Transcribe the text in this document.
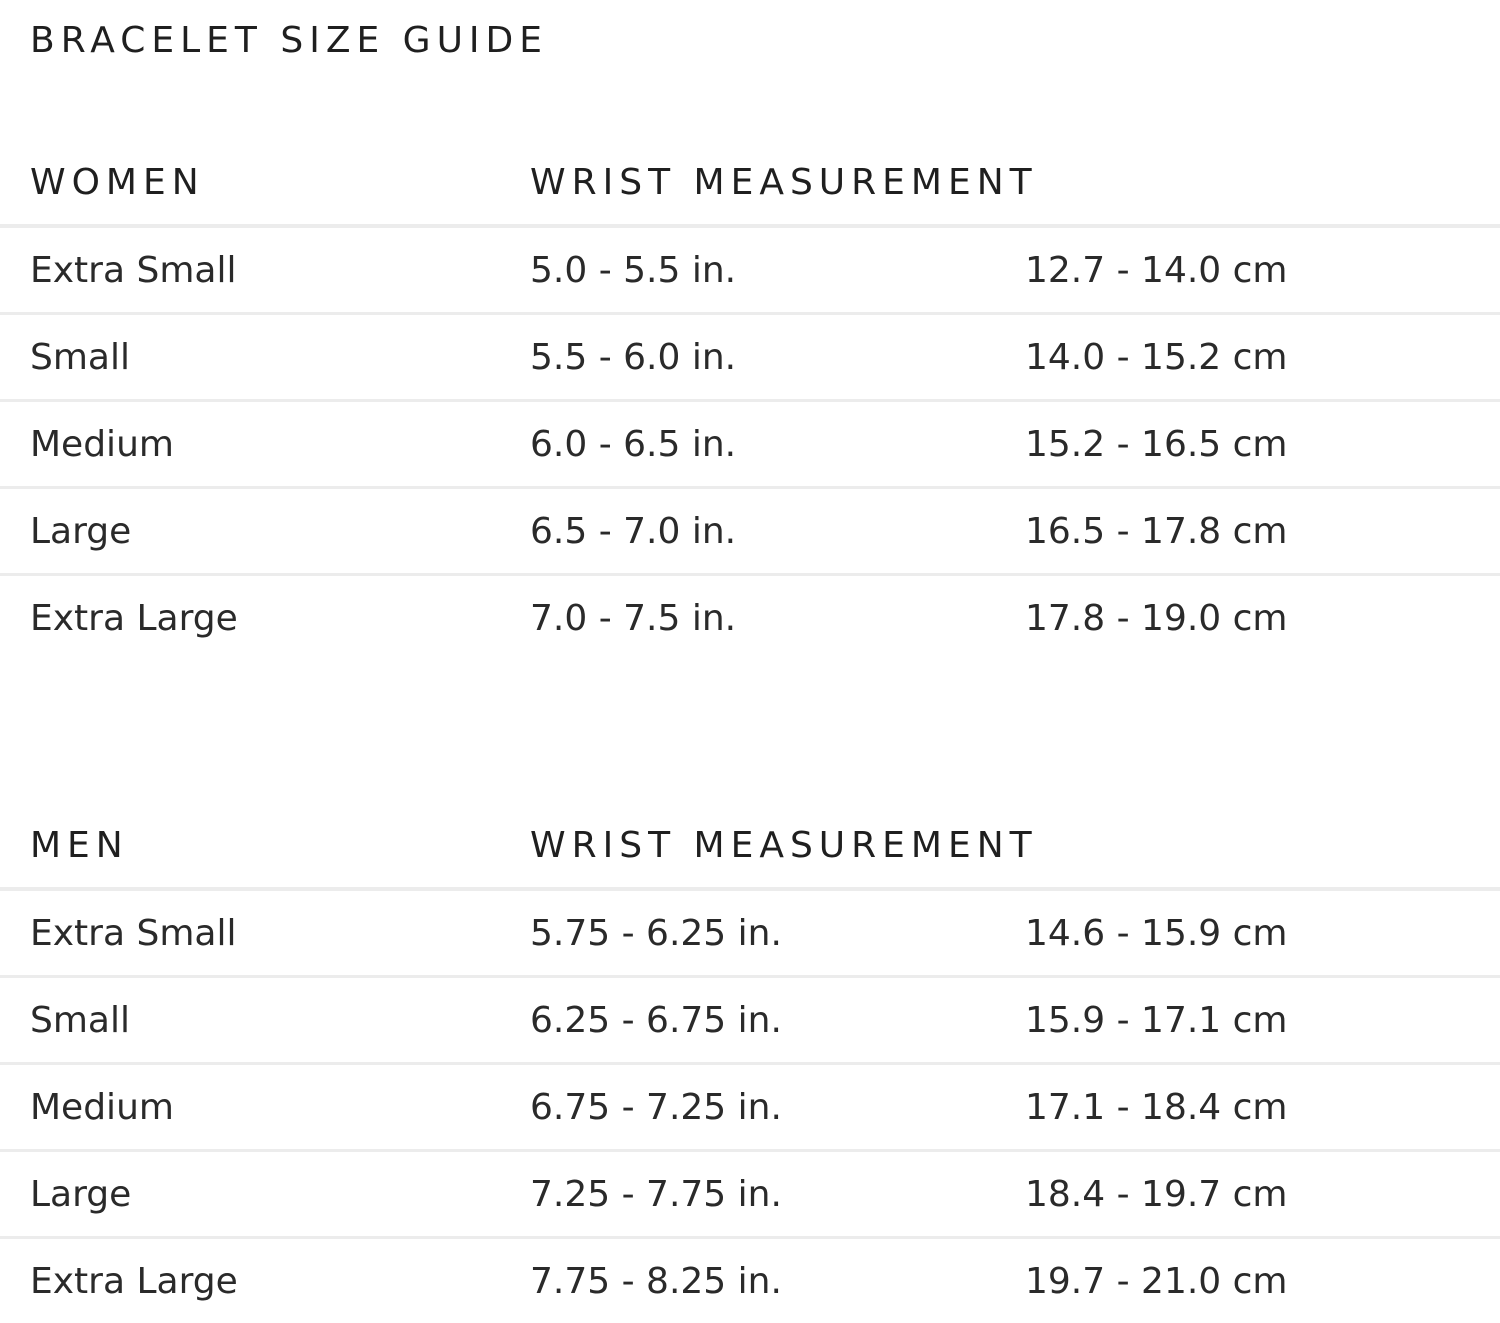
BRACELET SIZE GUIDE
WOMEN	WRIST MEASUREMENT
Extra Small	5.0 - 5.5 in.	12.7 - 14.0 cm
Small	5.5 - 6.0 in.	14.0 - 15.2 cm
Medium	6.0 - 6.5 in.	15.2 - 16.5 cm
Large	6.5 - 7.0 in.	16.5 - 17.8 cm
Extra Large	7.0 - 7.5 in.	17.8 - 19.0 cm
MEN	WRIST MEASUREMENT
Extra Small	5.75 - 6.25 in.	14.6 - 15.9 cm
Small	6.25 - 6.75 in.	15.9 - 17.1 cm
Medium	6.75 - 7.25 in.	17.1 - 18.4 cm
Large	7.25 - 7.75 in.	18.4 - 19.7 cm
Extra Large	7.75 - 8.25 in.	19.7 - 21.0 cm
